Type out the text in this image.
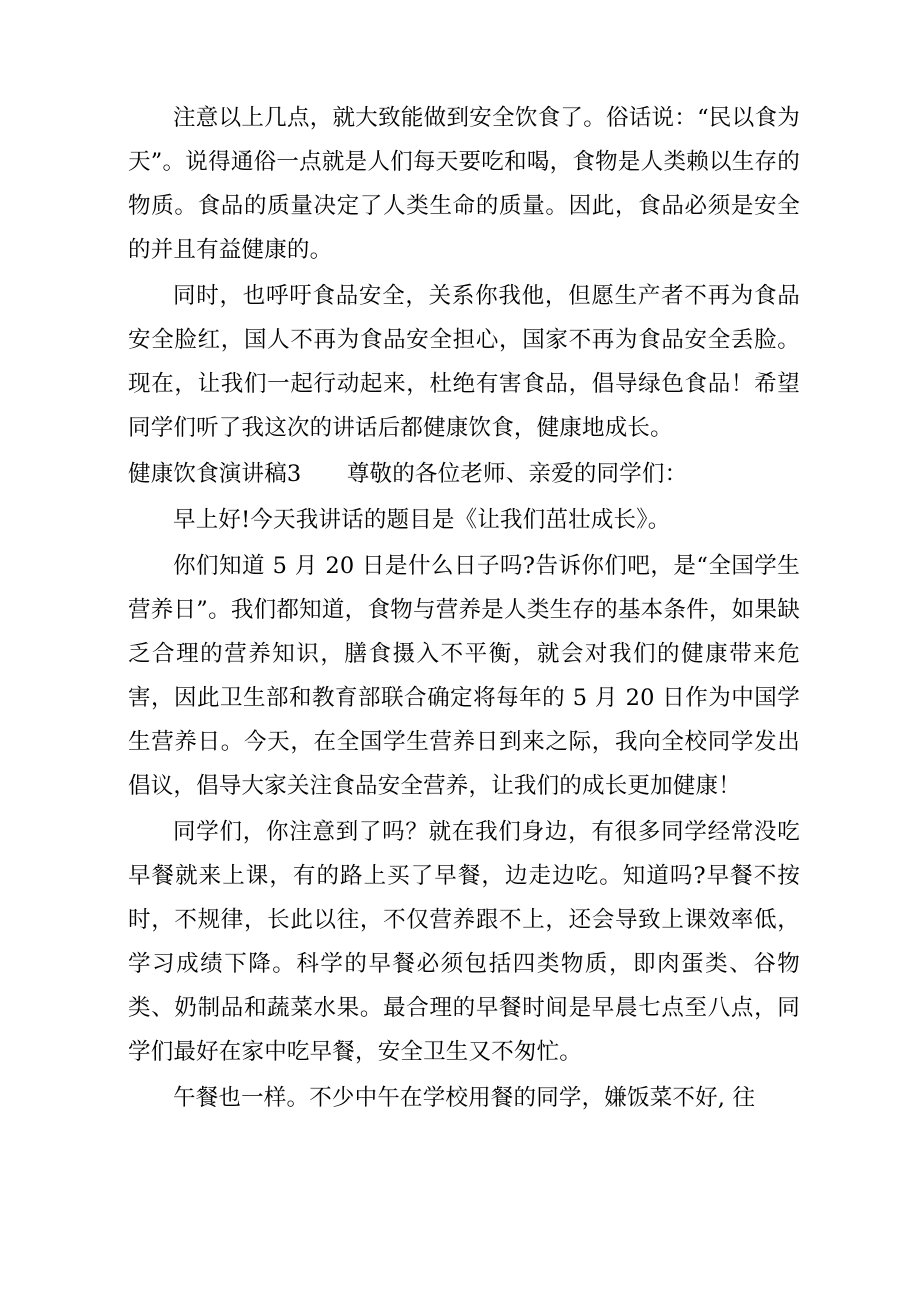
注意以上几点，就大致能做到安全饮食了。俗话说：“民以食为天”。说得通俗一点就是人们每天要吃和喝，食物是人类赖以生存的物质。食品的质量决定了人类生命的质量。因此，食品必须是安全的并且有益健康的。

同时，也呼吁食品安全，关系你我他，但愿生产者不再为食品安全脸红，国人不再为食品安全担心，国家不再为食品安全丢脸。现在，让我们一起行动起来，杜绝有害食品，倡导绿色食品！希望同学们听了我这次的讲话后都健康饮食，健康地成长。

健康饮食演讲稿3　　尊敬的各位老师、亲爱的同学们：

早上好!今天我讲话的题目是《让我们茁壮成长》。

你们知道 5 月 20 日是什么日子吗?告诉你们吧，是“全国学生营养日”。我们都知道，食物与营养是人类生存的基本条件，如果缺乏合理的营养知识，膳食摄入不平衡，就会对我们的健康带来危害，因此卫生部和教育部联合确定将每年的 5 月 20 日作为中国学生营养日。今天，在全国学生营养日到来之际，我向全校同学发出倡议，倡导大家关注食品安全营养，让我们的成长更加健康！

同学们，你注意到了吗？就在我们身边，有很多同学经常没吃早餐就来上课，有的路上买了早餐，边走边吃。知道吗?早餐不按时，不规律，长此以往，不仅营养跟不上，还会导致上课效率低，学习成绩下降。科学的早餐必须包括四类物质，即肉蛋类、谷物类、奶制品和蔬菜水果。最合理的早餐时间是早晨七点至八点，同学们最好在家中吃早餐，安全卫生又不匆忙。

午餐也一样。不少中午在学校用餐的同学，嫌饭菜不好, 往
